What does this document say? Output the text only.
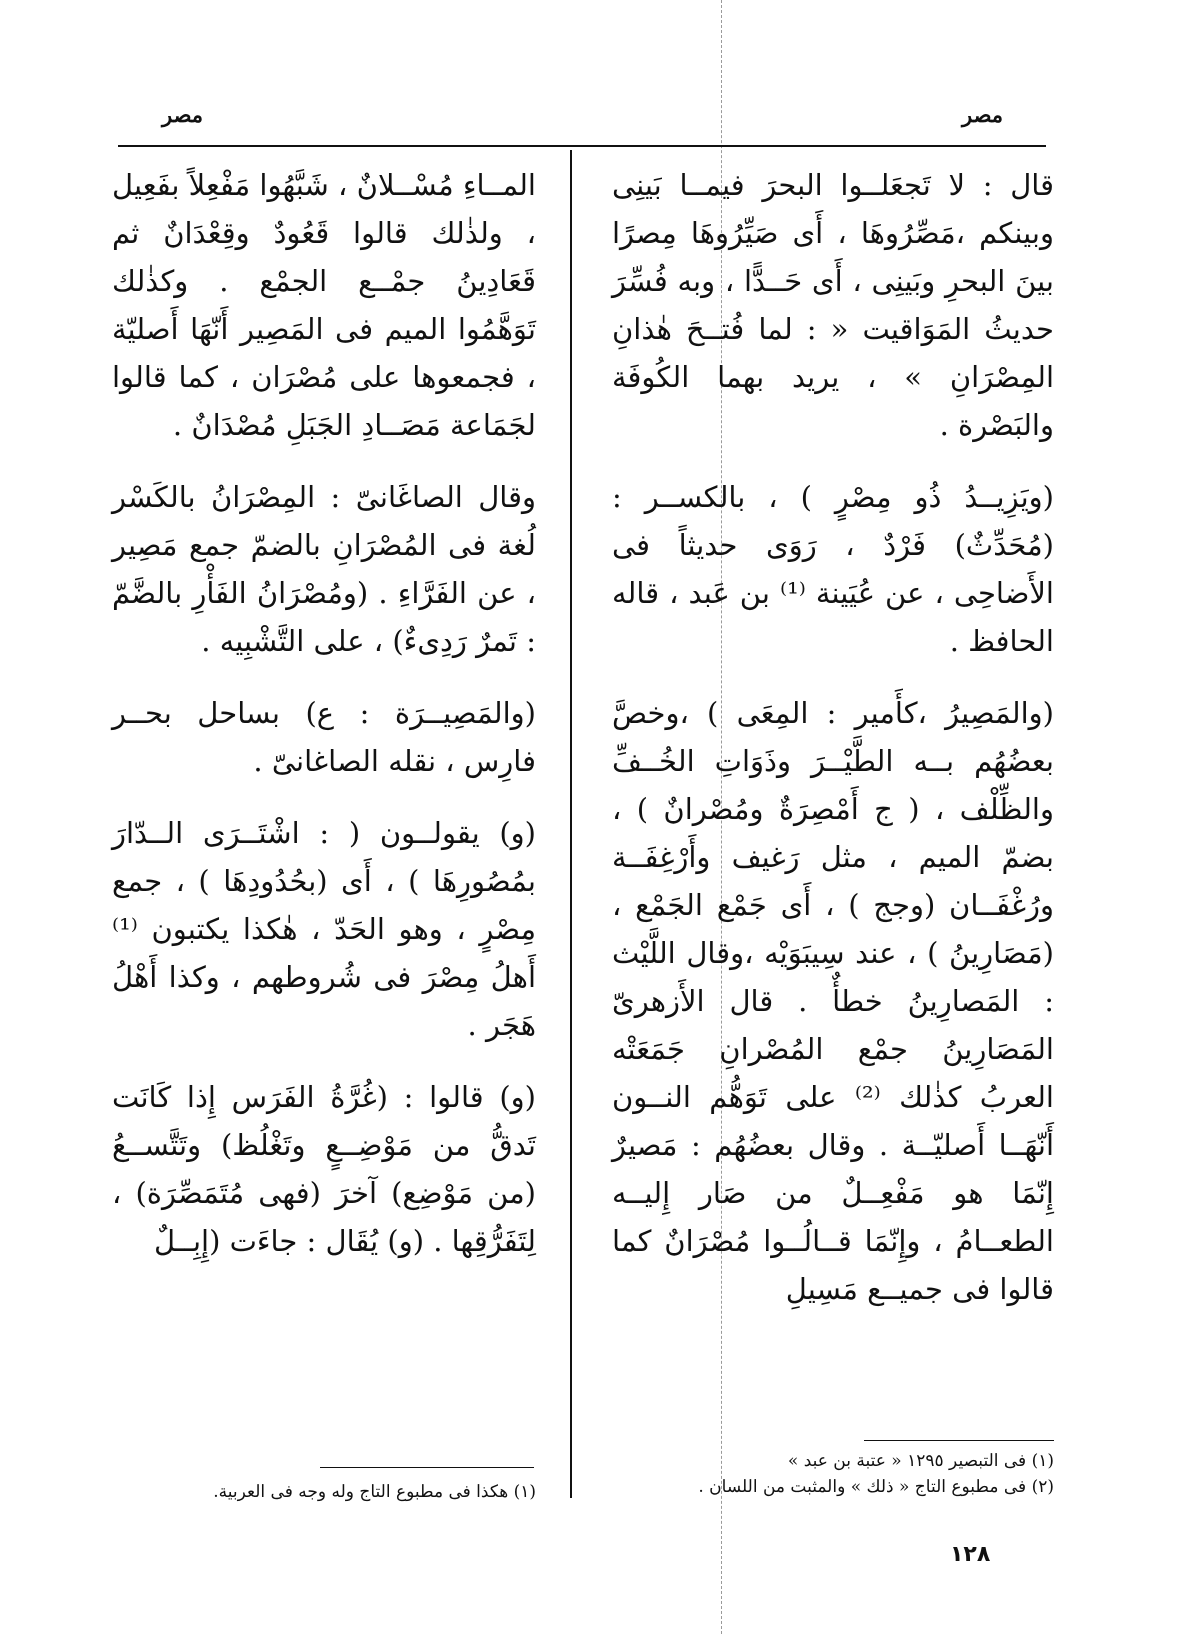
مصر
مصر

قال : لا تَجعَلــوا البحرَ فيمــا بَينِى وبينكم ،مَصِّرُوهَا ، أَى صَيِّرُوهَا مِصرًا بينَ البحرِ وبَينِى ، أَى حَــدًّا ، وبه فُسِّرَ حديثُ المَوَاقيت « : لما فُتــحَ هٰذانِ المِصْرَانِ » ، يريد بهما الكُوفَة والبَصْرة .

(ويَزِيــدُ ذُو مِصْرٍ ) ، بالكســر : (مُحَدِّثٌ) فَرْدٌ ، رَوَى حديثاً فى الأَضاحِى ، عن عُيَينة ⁽¹⁾ بن عَبد ، قاله الحافظ .

(والمَصِيرُ ،كأَمير : المِعَى ) ،وخصَّ بعضُهُم بــه الطَّيْــرَ وذَوَاتِ الخُــفِّ والظِّلْف ، ( ج أَمْصِرَةٌ ومُصْرانٌ ) ، بضمّ الميم ، مثل رَغيف وأَرْغِفَــة ورُغْفَــان (وجج ) ، أَى جَمْع الجَمْع ، (مَصَارِينُ ) ، عند سِيبَوَيْه ،وقال اللَّيْث : المَصارِينُ خطأٌ . قال الأَزهرىّ المَصَارِينُ جمْع المُصْرانِ جَمَعَتْه العربُ كذٰلك ⁽²⁾ على تَوَهُّم النــون أَنّهَــا أَصليّــة . وقال بعضُهُم : مَصيرٌ إِنّمَا هو مَفْعِــلٌ من صَار إِليــه الطعــامُ ، وإِنّمَا قــالُــوا مُصْرَانٌ كما قالوا فى جميــع مَسِيلِ

المــاءِ مُسْــلانٌ ، شَبَّهُوا مَفْعِلاً بفَعِيل ، ولذٰلك قالوا قَعُودٌ وقِعْدَانٌ ثم قَعَادِينُ جمْــع الجمْع . وكذٰلك تَوَهَّمُوا الميم فى المَصِير أَنّهَا أَصليّة ، فجمعوها على مُصْرَان ، كما قالوا لجَمَاعة مَصَــادِ الجَبَلِ مُصْدَانٌ .

وقال الصاغَانىّ : المِصْرَانُ بالكَسْر لُغة فى المُصْرَانِ بالضمّ جمع مَصِير ، عن الفَرَّاءِ . (ومُصْرَانُ الفَأْرِ بالضَّمّ : تَمرٌ رَدِىءٌ) ، على التَّشْبِيه .

(والمَصِيــرَة : ع) بساحل بحــر فارِس ، نقله الصاغانىّ .

(و) يقولــون ( : اشْتَــرَى الــدّارَ بمُصُورِهَا ) ، أَى (بحُدُودِهَا ) ، جمع مِصْرٍ ، وهو الحَدّ ، هٰكذا يكتبون ⁽¹⁾ أَهلُ مِصْرَ فى شُروطهم ، وكذا أَهْلُ هَجَر .

(و) قالوا : (غُرَّةُ الفَرَس إِذا كَانَت تَدقُّ من مَوْضِــعٍ وتَغْلُظ) وتَتَّســعُ (من مَوْضِع) آخرَ (فهى مُتَمَصِّرَة) ، لِتَفَرُّقِها . (و) يُقَال : جاءَت (إِبِــلٌ

(١) فى التبصير ١٢٩٥ « عتبة بن عبد »

(٢) فى مطبوع التاج « ذلك » والمثبت من اللسان .

(١) هكذا فى مطبوع التاج وله وجه فى العربية.

١٢٨
